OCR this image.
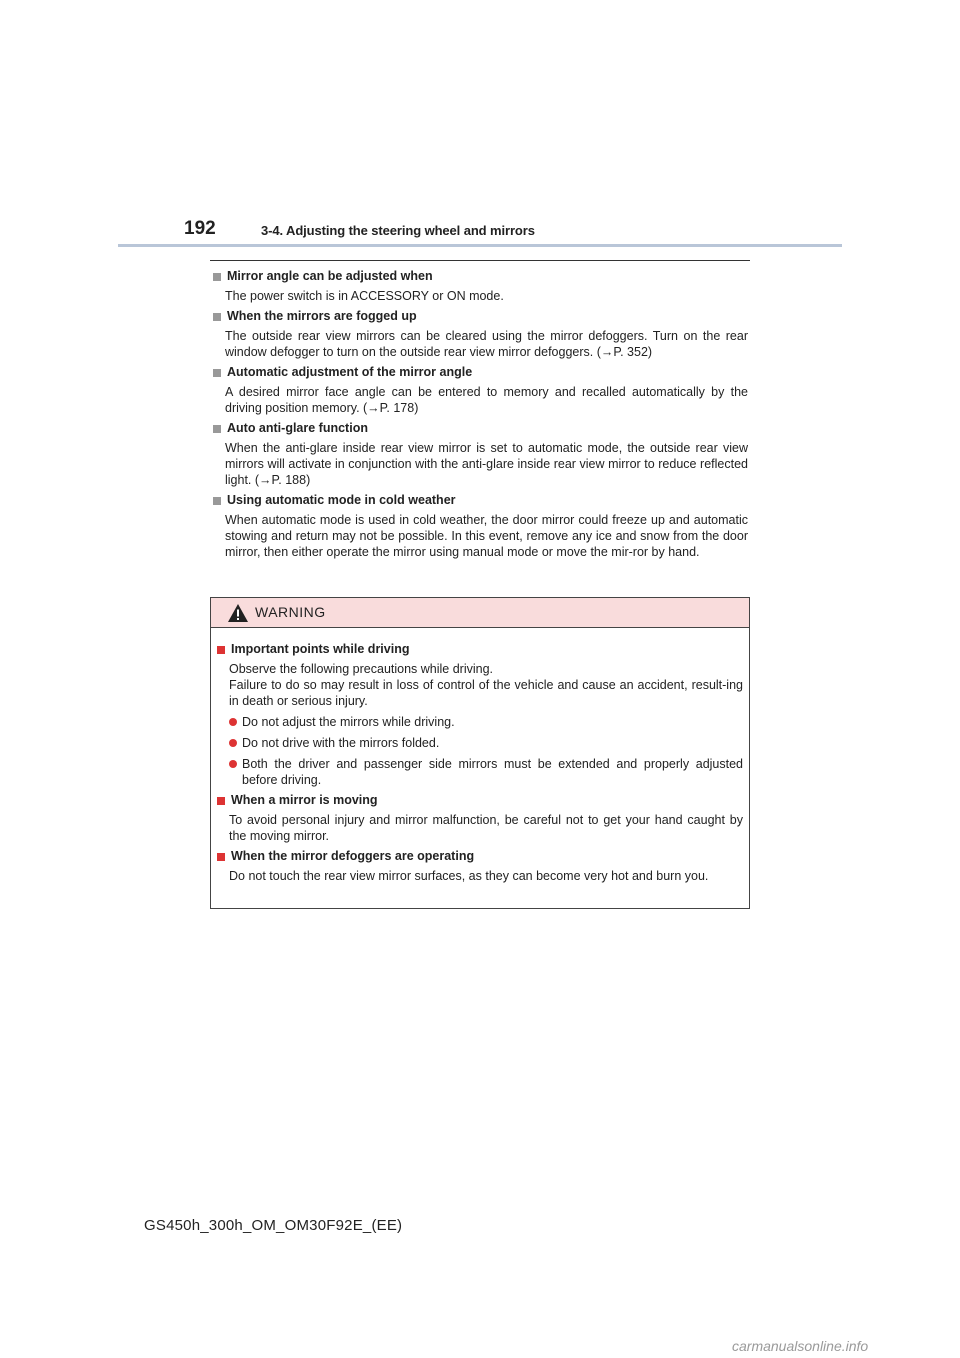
192	3-4. Adjusting the steering wheel and mirrors
Mirror angle can be adjusted when

The power switch is in ACCESSORY or ON mode.

When the mirrors are fogged up

The outside rear view mirrors can be cleared using the mirror defoggers. Turn on the rear window defogger to turn on the outside rear view mirror defoggers. (→P. 352)

Automatic adjustment of the mirror angle

A desired mirror face angle can be entered to memory and recalled automatically by the driving position memory. (→P. 178)

Auto anti-glare function

When the anti-glare inside rear view mirror is set to automatic mode, the outside rear view mirrors will activate in conjunction with the anti-glare inside rear view mirror to reduce reflected light. (→P. 188)

Using automatic mode in cold weather

When automatic mode is used in cold weather, the door mirror could freeze up and automatic stowing and return may not be possible. In this event, remove any ice and snow from the door mirror, then either operate the mirror using manual mode or move the mir-ror by hand.

WARNING
Important points while driving

Observe the following precautions while driving.

Failure to do so may result in loss of control of the vehicle and cause an accident, result-ing in death or serious injury.

Do not adjust the mirrors while driving.
Do not drive with the mirrors folded.
Both the driver and passenger side mirrors must be extended and properly adjusted before driving.
When a mirror is moving

To avoid personal injury and mirror malfunction, be careful not to get your hand caught by the moving mirror.

When the mirror defoggers are operating

Do not touch the rear view mirror surfaces, as they can become very hot and burn you.

GS450h_300h_OM_OM30F92E_(EE)
carmanualsonline.info
